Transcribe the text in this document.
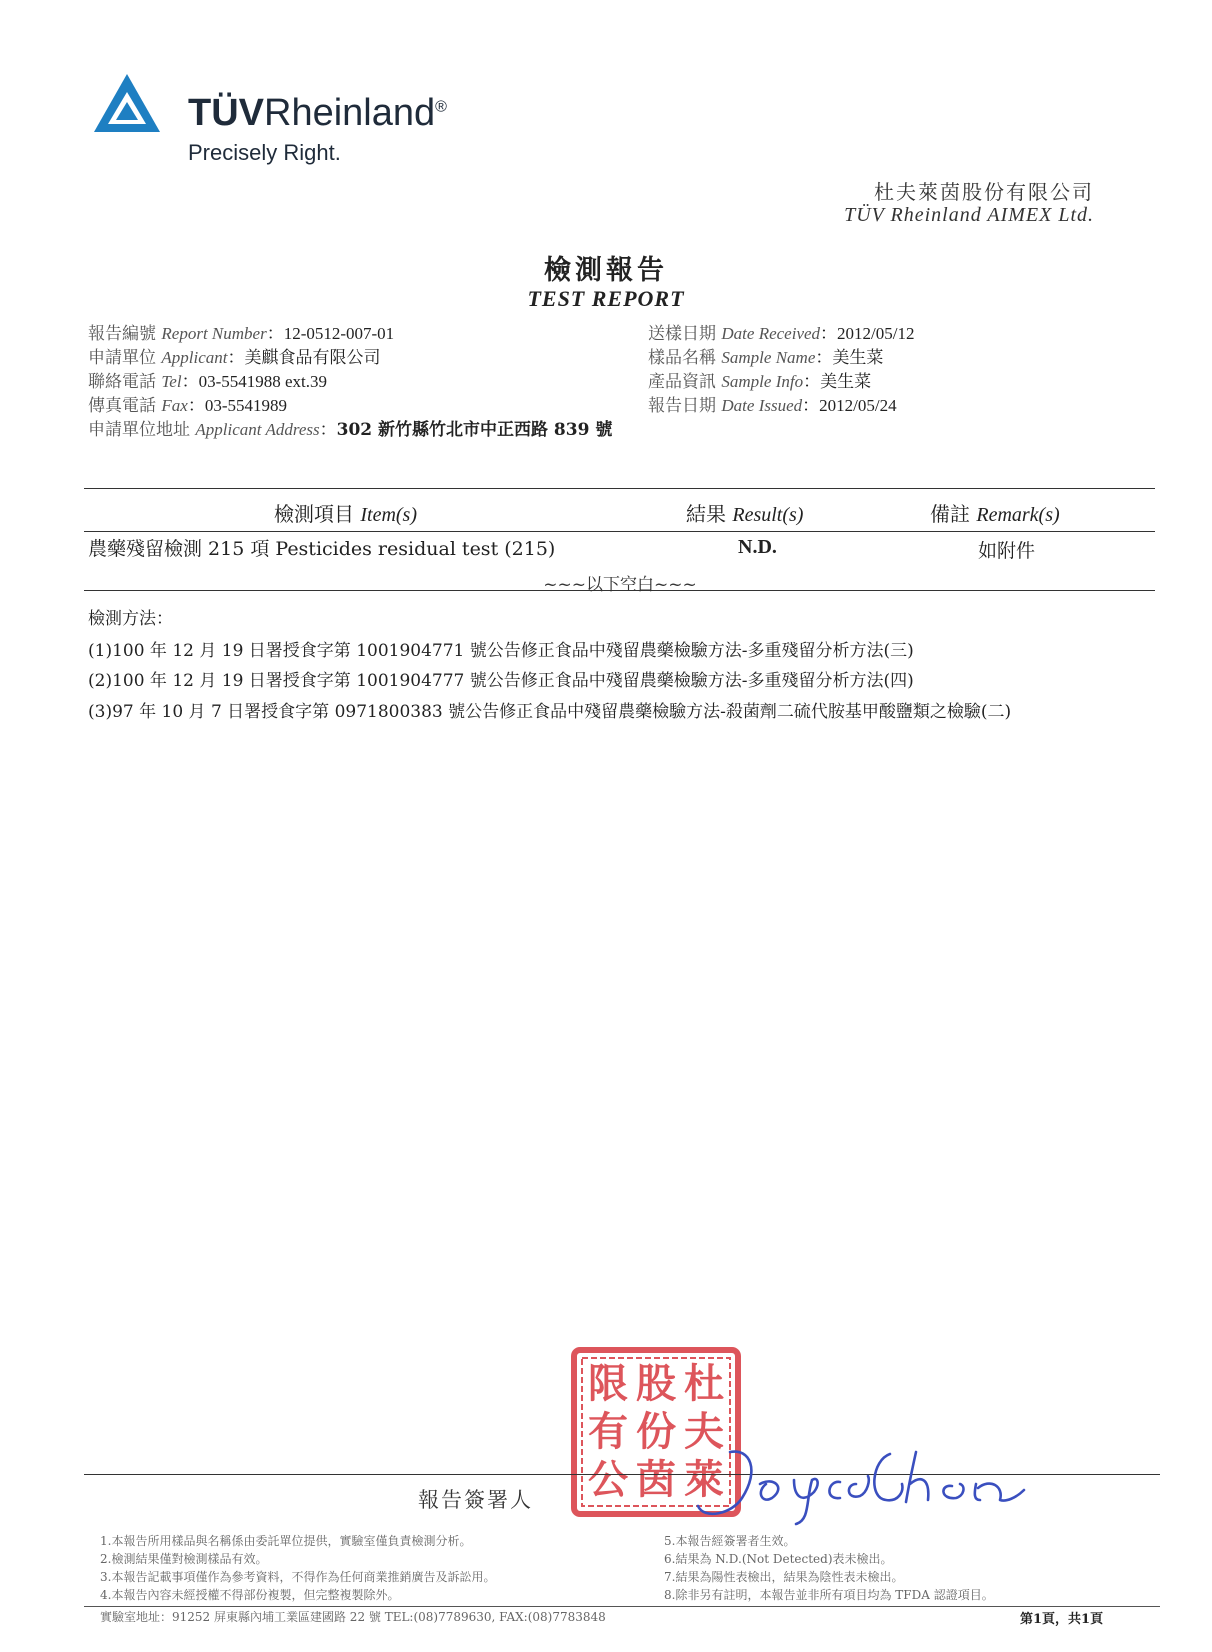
TÜVRheinland®
Precisely Right.
杜夫萊茵股份有限公司
TÜV Rheinland AIMEX Ltd.
檢測報告
TEST REPORT
報告編號 Report Number：12-0512-007-01
申請單位 Applicant：美麒食品有限公司
聯絡電話 Tel：03-5541988 ext.39
傳真電話 Fax：03-5541989
申請單位地址 Applicant Address：302 新竹縣竹北市中正西路 839 號
送樣日期 Date Received：2012/05/12
樣品名稱 Sample Name：美生菜
產品資訊 Sample Info：美生菜
報告日期 Date Issued：2012/05/24
檢測項目 Item(s)	結果 Result(s)	備註 Remark(s)
農藥殘留檢測 215 項 Pesticides residual test (215)	N.D.	如附件
~~~以下空白~~~
檢測方法：
(1)100 年 12 月 19 日署授食字第 1001904771 號公告修正食品中殘留農藥檢驗方法-多重殘留分析方法(三)
(2)100 年 12 月 19 日署授食字第 1001904777 號公告修正食品中殘留農藥檢驗方法-多重殘留分析方法(四)
(3)97 年 10 月 7 日署授食字第 0971800383 號公告修正食品中殘留農藥檢驗方法-殺菌劑二硫代胺基甲酸鹽類之檢驗(二)
限 股 杜
有 份 夫
公 茵 萊
報告簽署人
1.本報告所用樣品與名稱係由委託單位提供，實驗室僅負責檢測分析。
2.檢測結果僅對檢測樣品有效。
3.本報告記載事項僅作為參考資料，不得作為任何商業推銷廣告及訴訟用。
4.本報告內容未經授權不得部份複製，但完整複製除外。
5.本報告經簽署者生效。
6.結果為 N.D.(Not Detected)表未檢出。
7.結果為陽性表檢出，結果為陰性表未檢出。
8.除非另有註明，本報告並非所有項目均為 TFDA 認證項目。
實驗室地址：91252 屏東縣內埔工業區建國路 22 號 TEL:(08)7789630, FAX:(08)7783848	第1頁，共1頁
